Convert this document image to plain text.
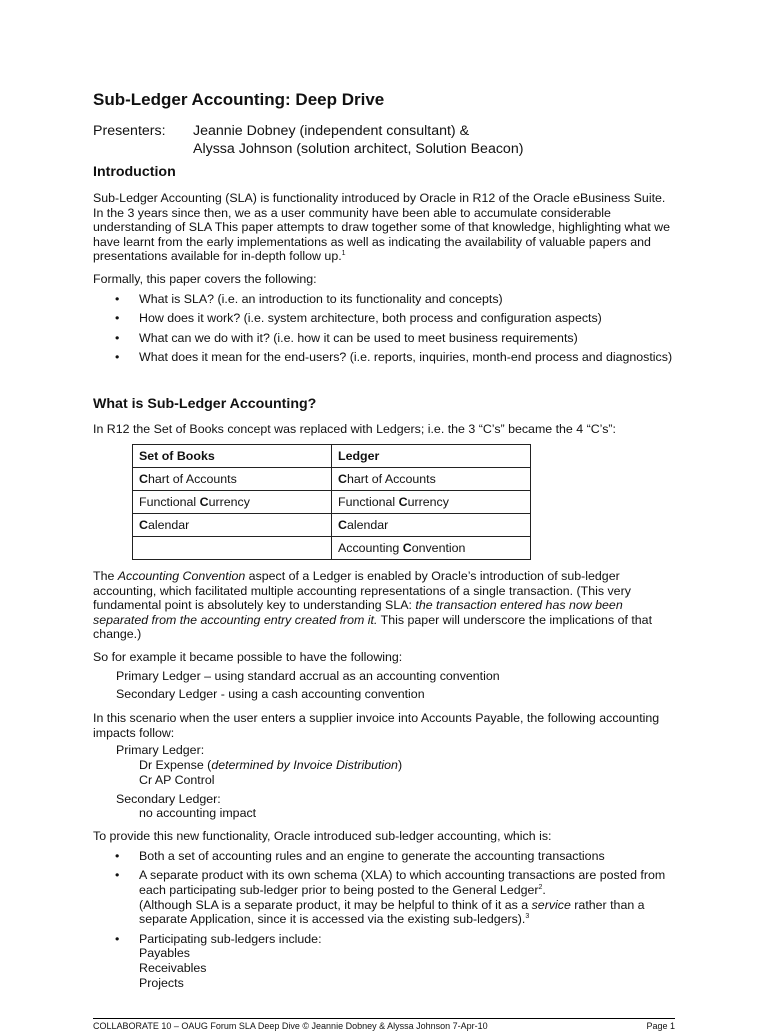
Sub-Ledger Accounting: Deep Drive
Presenters: Jeannie Dobney (independent consultant) &
Alyssa Johnson (solution architect, Solution Beacon)
Introduction

Sub-Ledger Accounting (SLA) is functionality introduced by Oracle in R12 of the Oracle eBusiness Suite. In the 3 years since then, we as a user community have been able to accumulate considerable understanding of SLA This paper attempts to draw together some of that knowledge, highlighting what we have learnt from the early implementations as well as indicating the availability of valuable papers and presentations available for in-depth follow up.$^1$

Formally, this paper covers the following:
• What is SLA? (i.e. an introduction to its functionality and concepts)
• How does it work? (i.e. system architecture, both process and configuration aspects)
• What can we do with it? (i.e. how it can be used to meet business requirements)
• What does it mean for the end-users? (i.e. reports, inquiries, month-end process and diagnostics)
What is Sub-Ledger Accounting?
In R12 the Set of Books concept was replaced with Ledgers; i.e. the 3 “C’s” became the 4 “C’s”:
Set of Books	Ledger
Chart of Accounts	Chart of Accounts
Functional Currency	Functional Currency
Calendar	Calendar
	Accounting Convention

The Accounting Convention aspect of a Ledger is enabled by Oracle’s introduction of sub-ledger accounting, which facilitated multiple accounting representations of a single transaction. (This very fundamental point is absolutely key to understanding SLA: the transaction entered has now been separated from the accounting entry created from it. This paper will underscore the implications of that change.)

So for example it became possible to have the following:
Primary Ledger – using standard accrual as an accounting convention
Secondary Ledger - using a cash accounting convention
In this scenario when the user enters a supplier invoice into Accounts Payable, the following accounting impacts follow:
Primary Ledger:
Dr Expense (determined by Invoice Distribution)
Cr AP Control
Secondary Ledger:
no accounting impact
To provide this new functionality, Oracle introduced sub-ledger accounting, which is:
• Both a set of accounting rules and an engine to generate the accounting transactions
• A separate product with its own schema (XLA) to which accounting transactions are posted from each participating sub-ledger prior to being posted to the General Ledger$^2$.
(Although SLA is a separate product, it may be helpful to think of it as a service rather than a separate Application, since it is accessed via the existing sub-ledgers).$^3$
• Participating sub-ledgers include:
Payables
Receivables
Projects
COLLABORATE 10 – OAUG Forum SLA Deep Dive © Jeannie Dobney & Alyssa Johnson 7-Apr-10	Page 1
